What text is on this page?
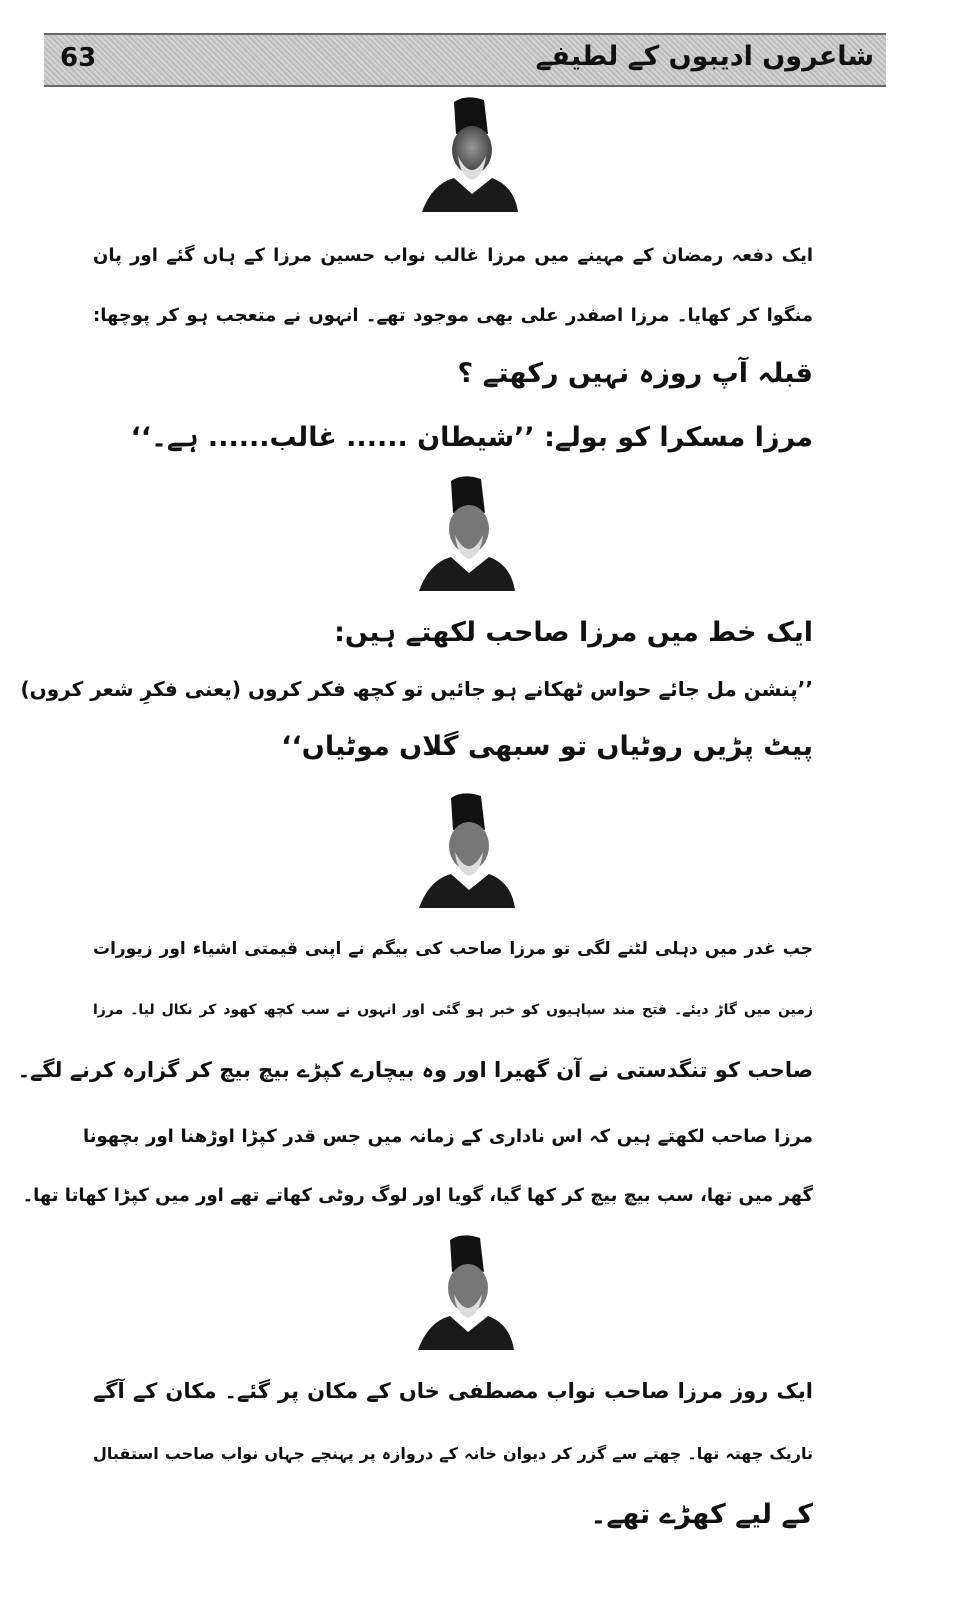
63	شاعروں ادیبوں کے لطیفے
ایک دفعہ رمضان کے مہینے میں مرزا غالب نواب حسین مرزا کے ہاں گئے اور پان
منگوا کر کھایا۔ مرزا اصفدر علی بھی موجود تھے۔ انہوں نے متعجب ہو کر پوچھا:
قبلہ آپ روزہ نہیں رکھتے ؟
مرزا مسکرا کو بولے: ’’شیطان ...... غالب...... ہے۔‘‘
ایک خط میں مرزا صاحب لکھتے ہیں:
’’پنشن مل جائے حواس ٹھکانے ہو جائیں تو کچھ فکر کروں (یعنی فکرِ شعر کروں)
پیٹ پڑیں روٹیاں تو سبھی گلاں موٹیاں‘‘
جب غدر میں دہلی لٹنے لگی تو مرزا صاحب کی بیگم نے اپنی قیمتی اشیاء اور زیورات
زمین میں گاڑ دیئے۔ فتح مند سپاہیوں کو خبر ہو گئی اور انہوں نے سب کچھ کھود کر نکال لیا۔ مرزا
صاحب کو تنگدستی نے آن گھیرا اور وہ بیچارے کپڑے بیچ بیچ کر گزارہ کرنے لگے۔
مرزا صاحب لکھتے ہیں کہ اس ناداری کے زمانہ میں جس قدر کپڑا اوڑھنا اور بچھونا
گھر میں تھا، سب بیچ بیچ کر کھا گیا، گویا اور لوگ روٹی کھاتے تھے اور میں کپڑا کھاتا تھا۔
ایک روز مرزا صاحب نواب مصطفی خاں کے مکان پر گئے۔ مکان کے آگے
تاریک چھتہ تھا۔ چھتے سے گزر کر دیوان خانہ کے دروازہ پر پہنچے جہاں نواب صاحب استقبال
کے لیے کھڑے تھے۔
